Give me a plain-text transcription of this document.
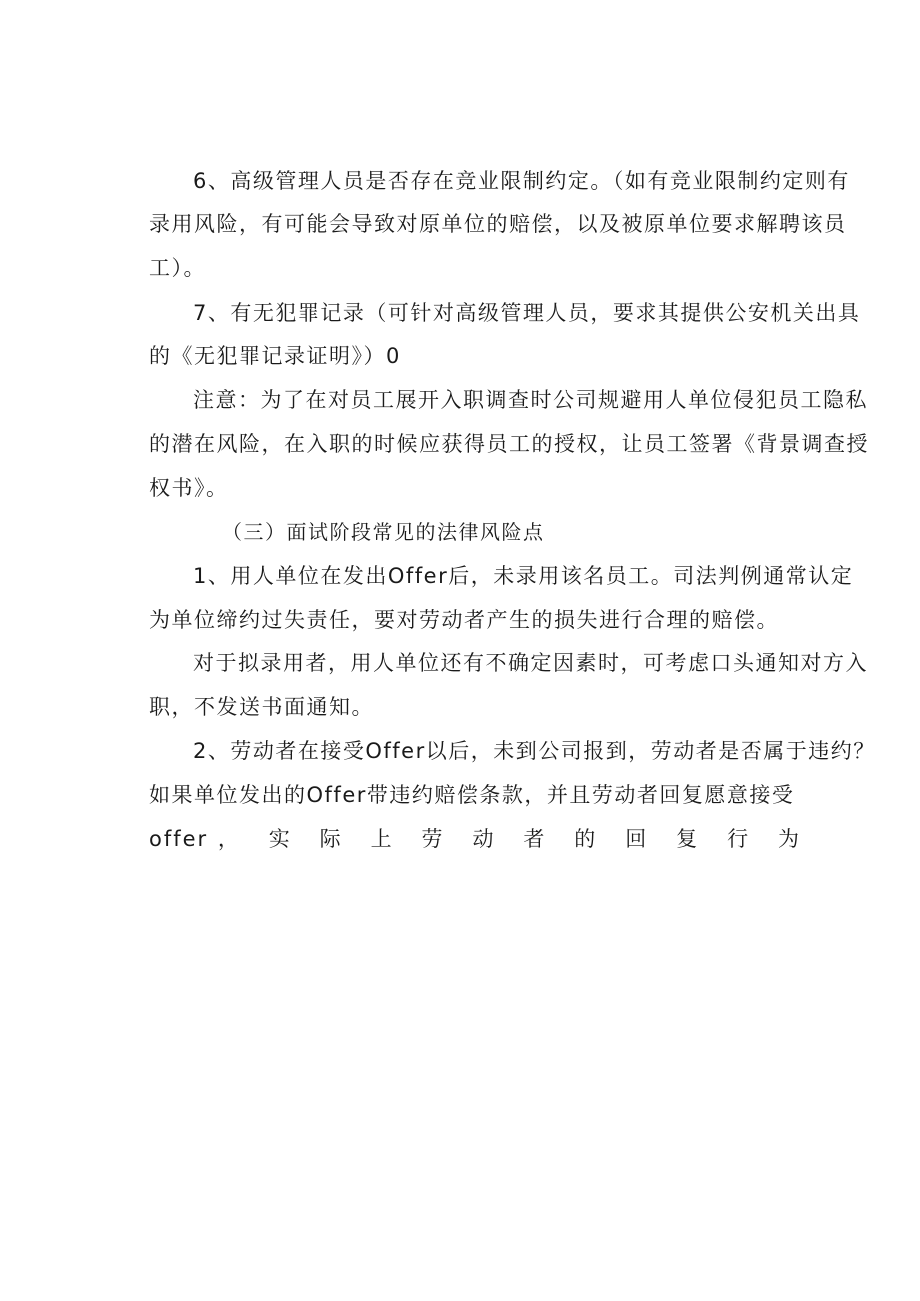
6、高级管理人员是否存在竞业限制约定。（如有竞业限制约定则有
录用风险，有可能会导致对原单位的赔偿，以及被原单位要求解聘该员
工）。
7、有无犯罪记录（可针对高级管理人员，要求其提供公安机关出具
的《无犯罪记录证明》）0
注意：为了在对员工展开入职调查时公司规避用人单位侵犯员工隐私
的潜在风险，在入职的时候应获得员工的授权，让员工签署《背景调查授
权书》。
（三）面试阶段常见的法律风险点
1、用人单位在发出Offer后，未录用该名员工。司法判例通常认定
为单位缔约过失责任，要对劳动者产生的损失进行合理的赔偿。
对于拟录用者，用人单位还有不确定因素时，可考虑口头通知对方入
职，不发送书面通知。
2、劳动者在接受Offer以后，未到公司报到，劳动者是否属于违约？
如果单位发出的Offer带违约赔偿条款，并且劳动者回复愿意接受
offer， 实 际 上 劳 动 者 的 回 复 行 为
